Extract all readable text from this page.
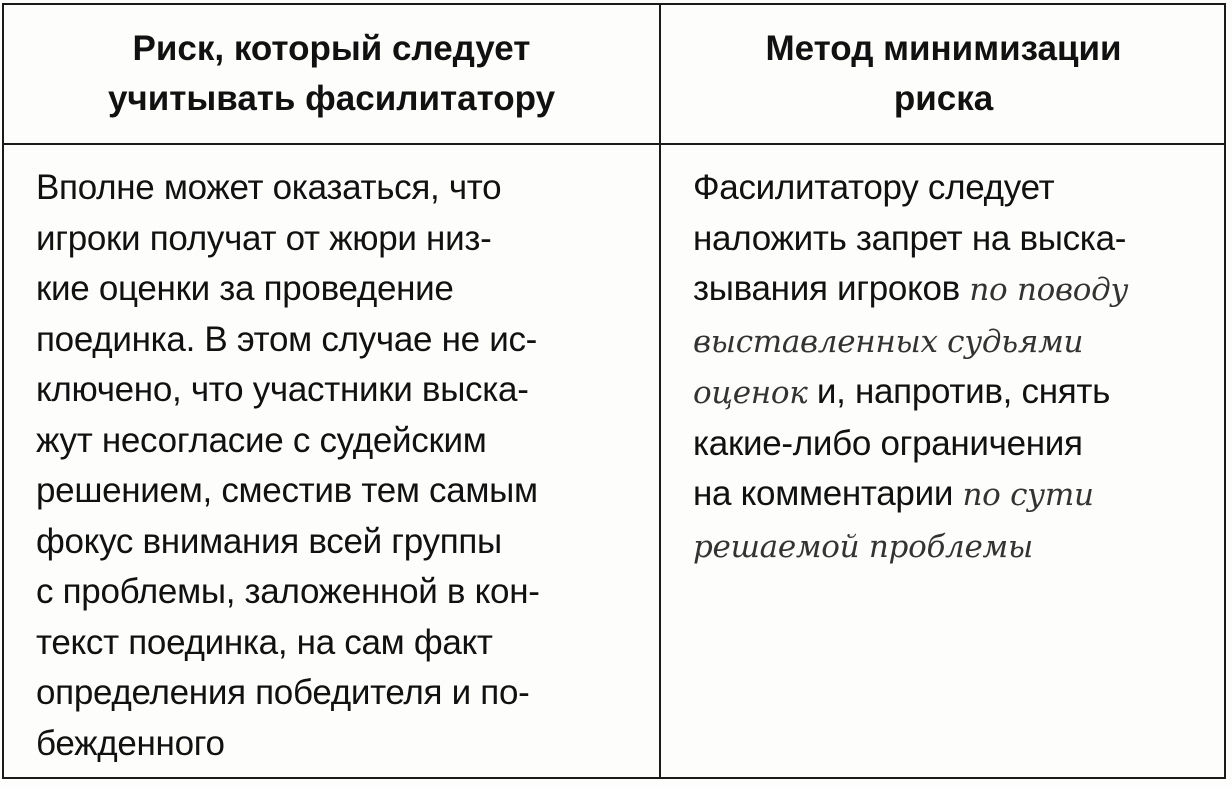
Риск, который следует
учитывать фасилитатору
Метод минимизации
риска
Вполне может оказаться, что
игроки получат от жюри низ-
кие оценки за проведение
поединка. В этом случае не ис-
ключено, что участники выска-
жут несогласие с судейским
решением, сместив тем самым
фокус внимания всей группы
с проблемы, заложенной в кон-
текст поединка, на сам факт
определения победителя и по-
бежденного
Фасилитатору следует
наложить запрет на выска-
зывания игроков по поводу
выставленных судьями
оценок и, напротив, снять
какие-либо ограничения
на комментарии по сути
решаемой проблемы
